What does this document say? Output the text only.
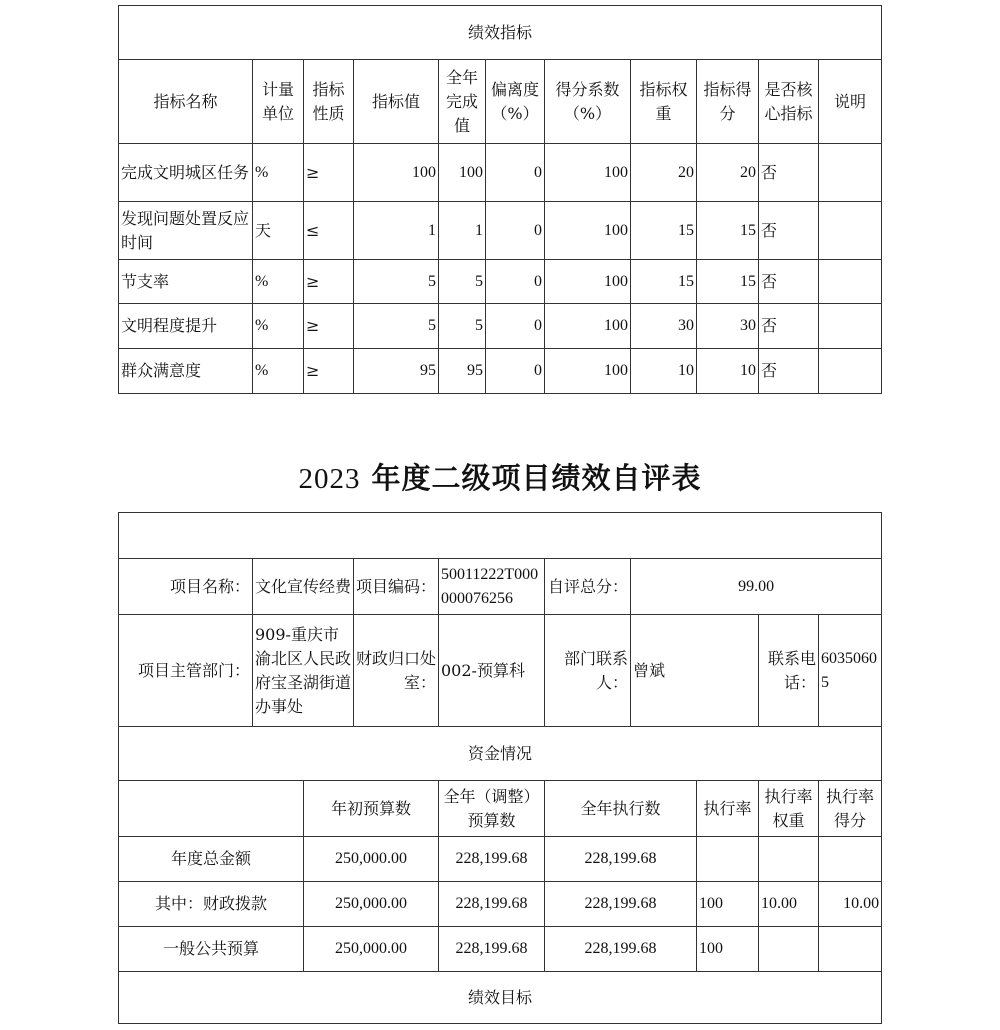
绩效指标										
指标名称	计量单位	指标性质	指标值	全年完成值	偏离度（%）	得分系数（%）	指标权重	指标得分	是否核心指标	说明
完成文明城区任务	%	≥	100	100	0	100	20	20	否	
发现问题处置反应时间	天	≤	1	1	0	100	15	15	否	
节支率	%	≥	5	5	0	100	15	15	否	
文明程度提升	%	≥	5	5	0	100	30	30	否	
群众满意度	%	≥	95	95	0	100	10	10	否	
2023 年度二级项目绩效自评表

项目名称：	文化宣传经费		项目编码：	50011222T000000076256	自评总分：	99.00			
项目主管部门：	909-重庆市渝北区人民政府宝圣湖街道办事处		财政归口处室：	002-预算科	部门联系人：	曾斌		联系电话：	60350605
资金情况									
		年初预算数		全年（调整）预算数	全年执行数		执行率	执行率权重	执行率得分
年度总金额		250,000.00		228,199.68	228,199.68				
其中：财政拨款		250,000.00		228,199.68	228,199.68		100	10.00	10.00
一般公共预算		250,000.00		228,199.68	228,199.68		100		
绩效目标									
